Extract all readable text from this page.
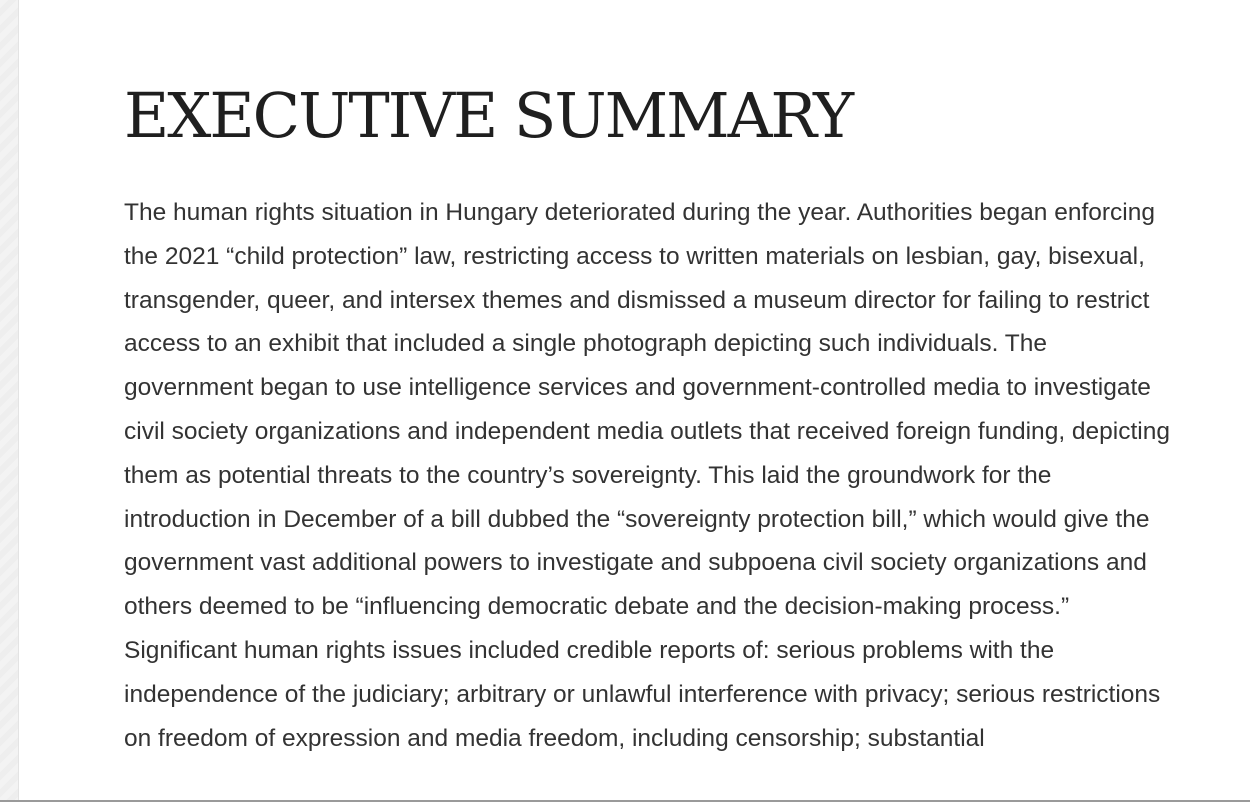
EXECUTIVE SUMMARY

The human rights situation in Hungary deteriorated during the year. Authorities began enforcing the 2021 “child protection” law, restricting access to written materials on lesbian, gay, bisexual, transgender, queer, and intersex themes and dismissed a museum director for failing to restrict access to an exhibit that included a single photograph depicting such individuals. The government began to use intelligence services and government-controlled media to investigate civil society organizations and independent media outlets that received foreign funding, depicting them as potential threats to the country’s sovereignty. This laid the groundwork for the introduction in December of a bill dubbed the “sovereignty protection bill,” which would give the government vast additional powers to investigate and subpoena civil society organizations and others deemed to be “influencing democratic debate and the decision-making process.”

Significant human rights issues included credible reports of: serious problems with the independence of the judiciary; arbitrary or unlawful interference with privacy; serious restrictions on freedom of expression and media freedom, including censorship; substantial
